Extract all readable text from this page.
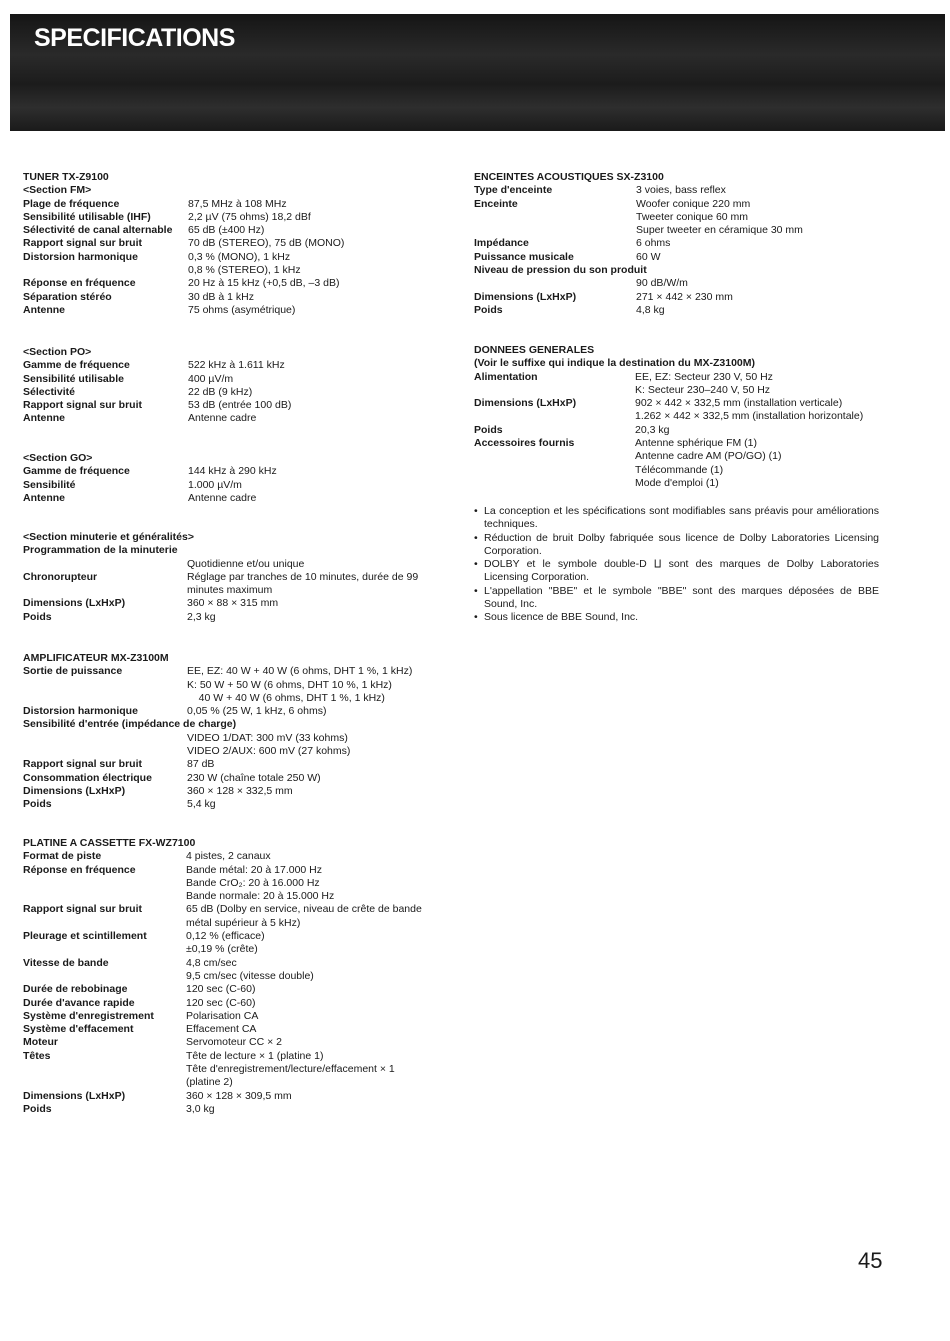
SPECIFICATIONS
TUNER TX-Z9100
<Section FM>
Plage de fréquence	87,5 MHz à 108 MHz
Sensibilité utilisable (IHF)	2,2 µV (75 ohms) 18,2 dBf
Sélectivité de canal alternable	65 dB (±400 Hz)
Rapport signal sur bruit	70 dB (STEREO), 75 dB (MONO)
Distorsion harmonique	0,3 % (MONO), 1 kHz
0,8 % (STEREO), 1 kHz
Réponse en fréquence	20 Hz à 15 kHz (+0,5 dB, –3 dB)
Séparation stéréo	30 dB à 1 kHz
Antenne	75 ohms (asymétrique)
<Section PO>
Gamme de fréquence	522 kHz à 1.611 kHz
Sensibilité utilisable	400 µV/m
Sélectivité	22 dB (9 kHz)
Rapport signal sur bruit	53 dB (entrée 100 dB)
Antenne	Antenne cadre
<Section GO>
Gamme de fréquence	144 kHz à 290 kHz
Sensibilité	1.000 µV/m
Antenne	Antenne cadre
<Section minuterie et généralités>
Programmation de la minuterie
Quotidienne et/ou unique
Chronorupteur	Réglage par tranches de 10 minutes, durée de 99 minutes maximum
Dimensions (LxHxP)	360 × 88 × 315 mm
Poids	2,3 kg
AMPLIFICATEUR MX-Z3100M
Sortie de puissance	EE, EZ: 40 W + 40 W (6 ohms, DHT 1 %, 1 kHz)
K: 50 W + 50 W (6 ohms, DHT 10 %, 1 kHz)
40 W + 40 W (6 ohms, DHT 1 %, 1 kHz)
Distorsion harmonique	0,05 % (25 W, 1 kHz, 6 ohms)
Sensibilité d'entrée (impédance de charge)
VIDEO 1/DAT: 300 mV (33 kohms)
VIDEO 2/AUX: 600 mV (27 kohms)
Rapport signal sur bruit	87 dB
Consommation électrique	230 W (chaîne totale 250 W)
Dimensions (LxHxP)	360 × 128 × 332,5 mm
Poids	5,4 kg
PLATINE A CASSETTE FX-WZ7100
Format de piste	4 pistes, 2 canaux
Réponse en fréquence	Bande métal: 20 à 17.000 Hz
Bande CrO₂: 20 à 16.000 Hz
Bande normale: 20 à 15.000 Hz
Rapport signal sur bruit	65 dB (Dolby en service, niveau de crête de bande métal supérieur à 5 kHz)
Pleurage et scintillement	0,12 % (efficace)
±0,19 % (crête)
Vitesse de bande	4,8 cm/sec
9,5 cm/sec (vitesse double)
Durée de rebobinage	120 sec (C-60)
Durée d'avance rapide	120 sec (C-60)
Système d'enregistrement	Polarisation CA
Système d'effacement	Effacement CA
Moteur	Servomoteur CC × 2
Têtes	Tête de lecture × 1 (platine 1)
Tête d'enregistrement/lecture/effacement × 1 (platine 2)
Dimensions (LxHxP)	360 × 128 × 309,5 mm
Poids	3,0 kg
ENCEINTES ACOUSTIQUES SX-Z3100
Type d'enceinte	3 voies, bass reflex
Enceinte	Woofer conique 220 mm
Tweeter conique 60 mm
Super tweeter en céramique 30 mm
Impédance	6 ohms
Puissance musicale	60 W
Niveau de pression du son produit
90 dB/W/m
Dimensions (LxHxP)	271 × 442 × 230 mm
Poids	4,8 kg
DONNEES GENERALES
(Voir le suffixe qui indique la destination du MX-Z3100M)
Alimentation	EE, EZ: Secteur 230 V, 50 Hz
K: Secteur 230–240 V, 50 Hz
Dimensions (LxHxP)	902 × 442 × 332,5 mm (installation verticale)
1.262 × 442 × 332,5 mm (installation horizontale)
Poids	20,3 kg
Accessoires fournis	Antenne sphérique FM (1)
Antenne cadre AM (PO/GO) (1)
Télécommande (1)
Mode d'emploi (1)
• La conception et les spécifications sont modifiables sans préavis pour améliorations techniques.
• Réduction de bruit Dolby fabriquée sous licence de Dolby Laboratories Licensing Corporation.
• DOLBY et le symbole double-D ⨿ sont des marques de Dolby Laboratories Licensing Corporation.
• L'appellation "BBE" et le symbole "BBE" sont des marques déposées de BBE Sound, Inc.
• Sous licence de BBE Sound, Inc.
45
